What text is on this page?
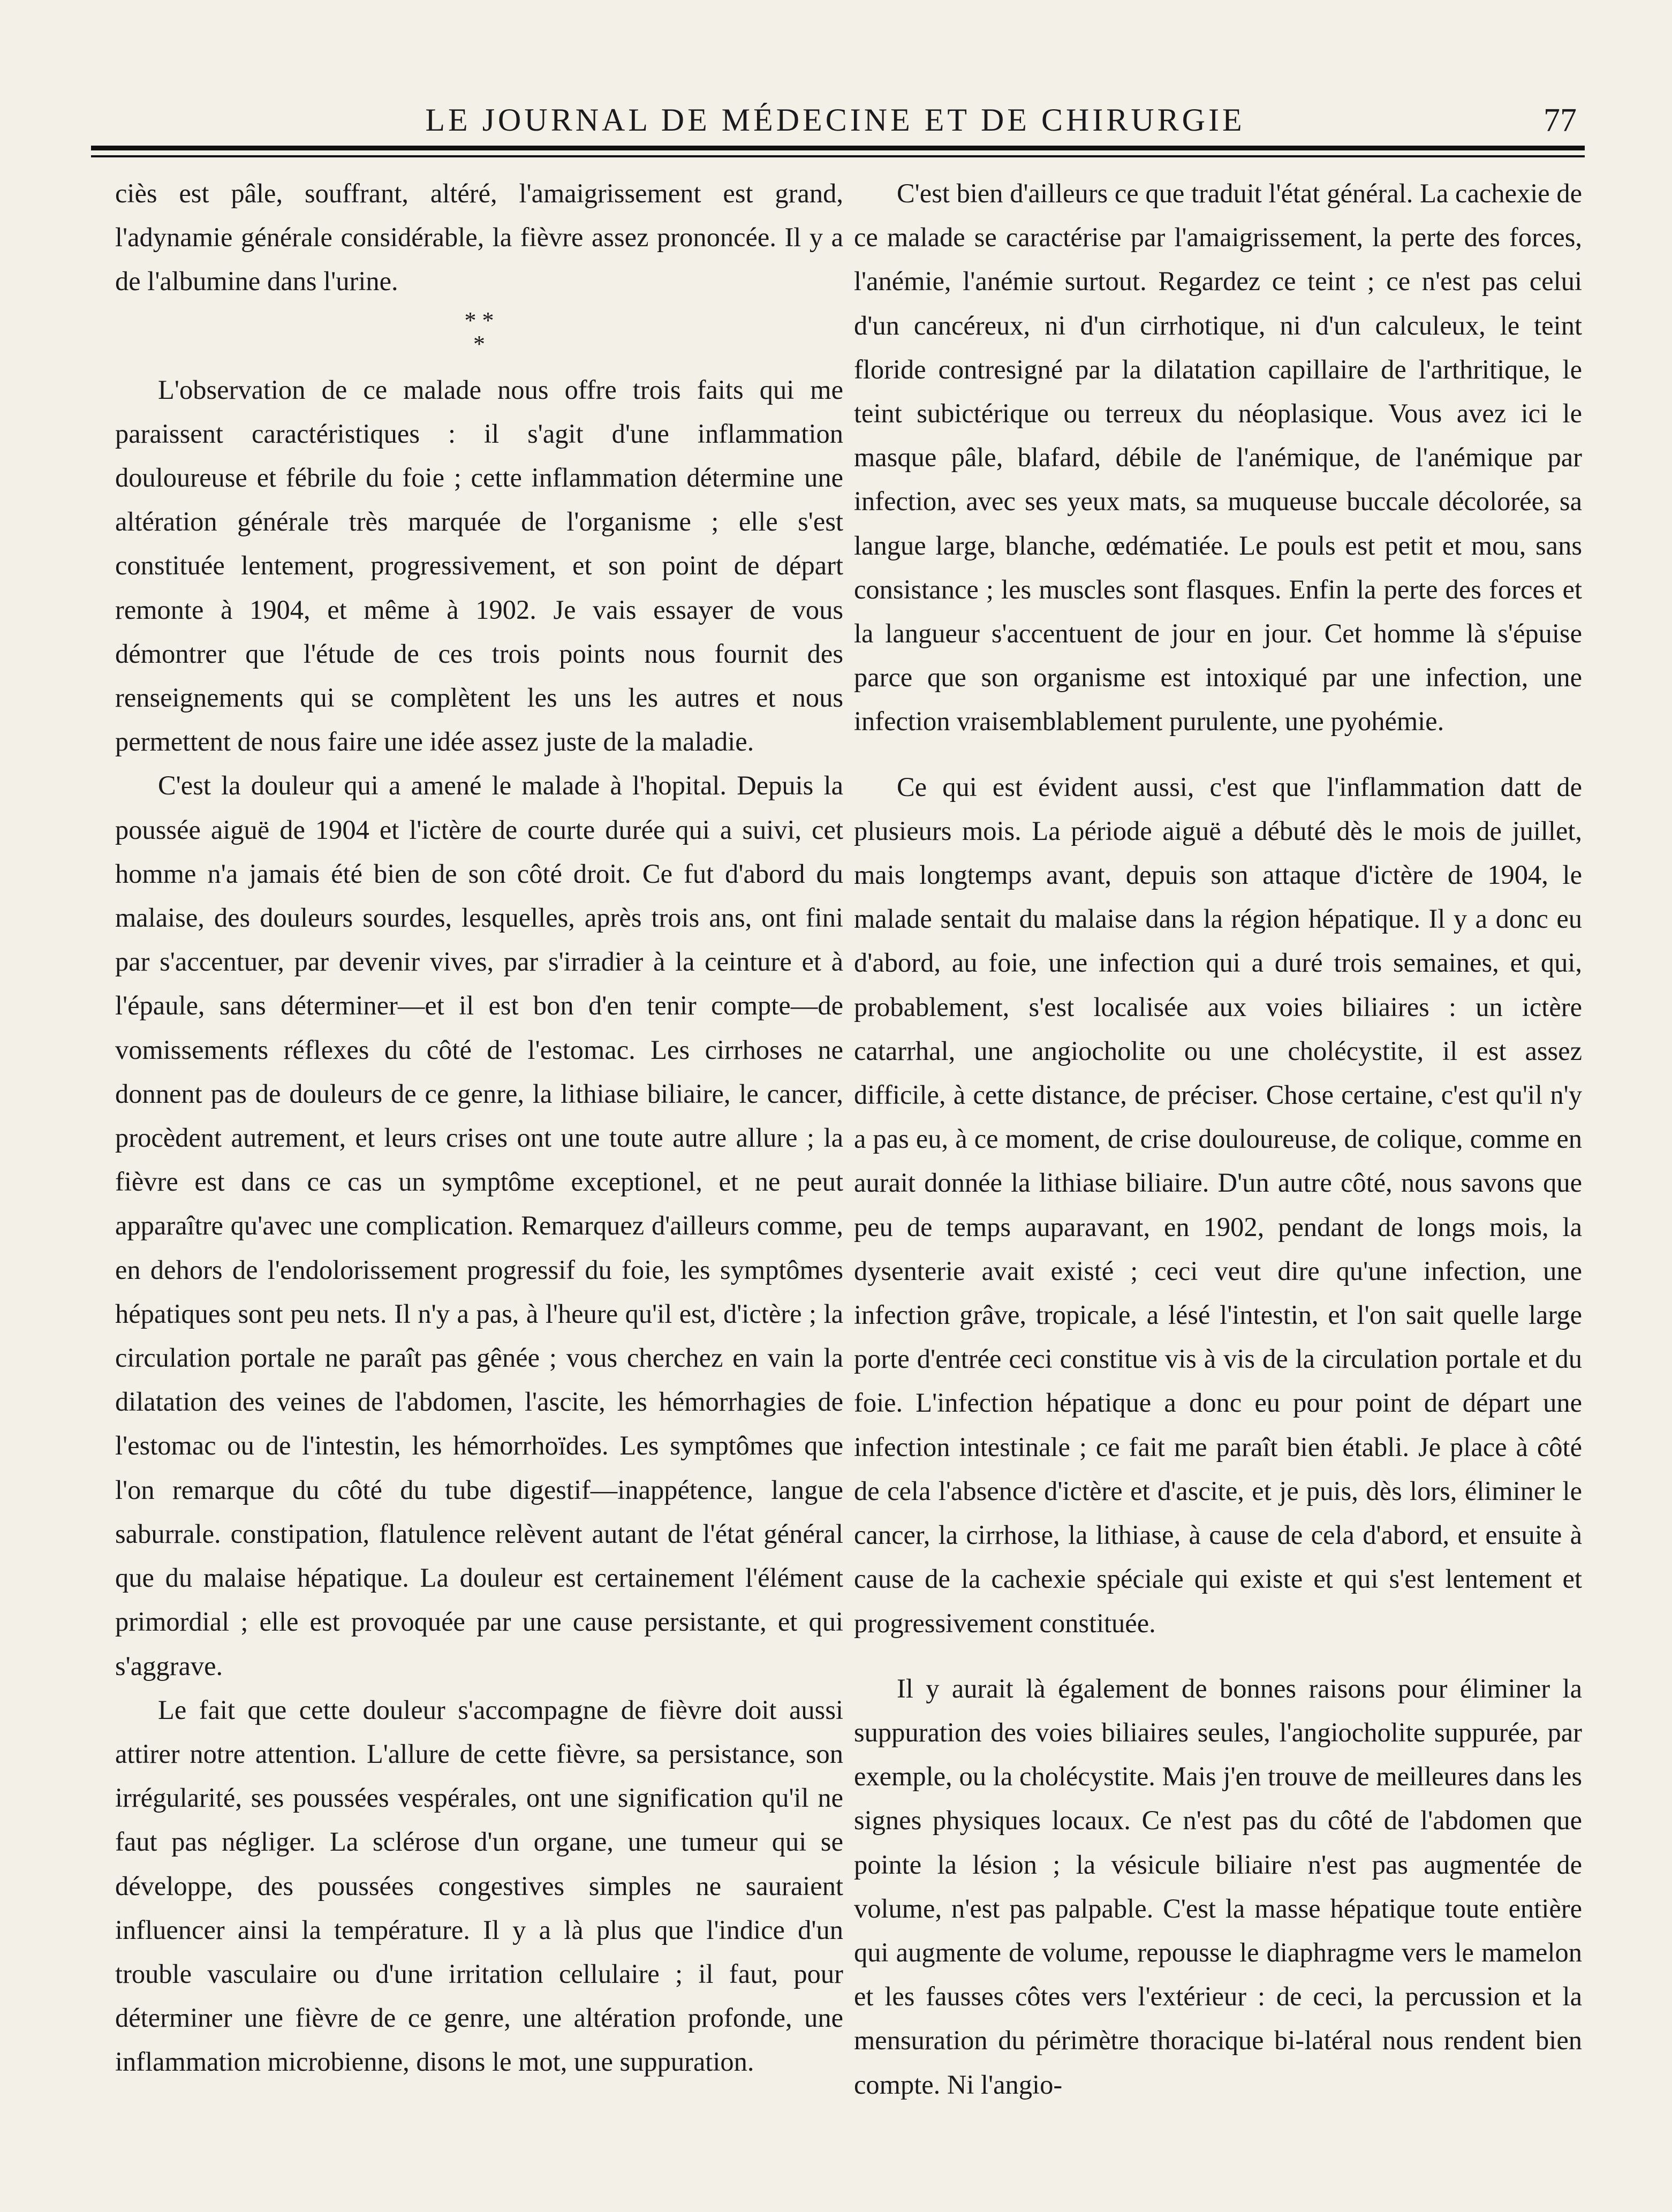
LE JOURNAL DE MÉDECINE ET DE CHIRURGIE	77

ciès est pâle, souffrant, altéré, l'amaigrissement est grand, l'adynamie générale considérable, la fièvre assez prononcée. Il y a de l'albumine dans l'urine.

* *
*

L'observation de ce malade nous offre trois faits qui me paraissent caractéristiques : il s'agit d'une inflammation douloureuse et fébrile du foie ; cette inflammation détermine une altération générale très marquée de l'organisme ; elle s'est constituée lentement, progressivement, et son point de départ remonte à 1904, et même à 1902. Je vais essayer de vous démontrer que l'étude de ces trois points nous fournit des renseignements qui se complètent les uns les autres et nous permettent de nous faire une idée assez juste de la maladie.

C'est la douleur qui a amené le malade à l'hopital. Depuis la poussée aiguë de 1904 et l'ictère de courte durée qui a suivi, cet homme n'a jamais été bien de son côté droit. Ce fut d'abord du malaise, des douleurs sourdes, lesquelles, après trois ans, ont fini par s'accentuer, par devenir vives, par s'irradier à la ceinture et à l'épaule, sans déterminer—et il est bon d'en tenir compte—de vomissements réflexes du côté de l'estomac. Les cirrhoses ne donnent pas de douleurs de ce genre, la lithiase biliaire, le cancer, procèdent autrement, et leurs crises ont une toute autre allure ; la fièvre est dans ce cas un symptôme exceptionel, et ne peut apparaître qu'avec une complication. Remarquez d'ailleurs comme, en dehors de l'endolorissement progressif du foie, les symptômes hépatiques sont peu nets. Il n'y a pas, à l'heure qu'il est, d'ictère ; la circulation portale ne paraît pas gênée ; vous cherchez en vain la dilatation des veines de l'abdomen, l'ascite, les hémorrhagies de l'estomac ou de l'intestin, les hémorrhoïdes. Les symptômes que l'on remarque du côté du tube digestif—inappétence, langue saburrale. constipation, flatulence relèvent autant de l'état général que du malaise hépatique. La douleur est certainement l'élément primordial ; elle est provoquée par une cause persistante, et qui s'aggrave.

Le fait que cette douleur s'accompagne de fièvre doit aussi attirer notre attention. L'allure de cette fièvre, sa persistance, son irrégularité, ses poussées vespérales, ont une signification qu'il ne faut pas négliger. La sclérose d'un organe, une tumeur qui se développe, des poussées congestives simples ne sauraient influencer ainsi la température. Il y a là plus que l'indice d'un trouble vasculaire ou d'une irritation cellulaire ; il faut, pour déterminer une fièvre de ce genre, une altération profonde, une inflammation microbienne, disons le mot, une suppuration.

C'est bien d'ailleurs ce que traduit l'état général. La cachexie de ce malade se caractérise par l'amaigrissement, la perte des forces, l'anémie, l'anémie surtout. Regardez ce teint ; ce n'est pas celui d'un cancéreux, ni d'un cirrhotique, ni d'un calculeux, le teint floride contresigné par la dilatation capillaire de l'arthritique, le teint subictérique ou terreux du néoplasique. Vous avez ici le masque pâle, blafard, débile de l'anémique, de l'anémique par infection, avec ses yeux mats, sa muqueuse buccale décolorée, sa langue large, blanche, œdématiée. Le pouls est petit et mou, sans consistance ; les muscles sont flasques. Enfin la perte des forces et la langueur s'accentuent de jour en jour. Cet homme là s'épuise parce que son organisme est intoxiqué par une infection, une infection vraisemblablement purulente, une pyohémie.

Ce qui est évident aussi, c'est que l'inflammation datt de plusieurs mois. La période aiguë a débuté dès le mois de juillet, mais longtemps avant, depuis son attaque d'ictère de 1904, le malade sentait du malaise dans la région hépatique. Il y a donc eu d'abord, au foie, une infection qui a duré trois semaines, et qui, probablement, s'est localisée aux voies biliaires : un ictère catarrhal, une angiocholite ou une cholécystite, il est assez difficile, à cette distance, de préciser. Chose certaine, c'est qu'il n'y a pas eu, à ce moment, de crise douloureuse, de colique, comme en aurait donnée la lithiase biliaire. D'un autre côté, nous savons que peu de temps auparavant, en 1902, pendant de longs mois, la dysenterie avait existé ; ceci veut dire qu'une infection, une infection grâve, tropicale, a lésé l'intestin, et l'on sait quelle large porte d'entrée ceci constitue vis à vis de la circulation portale et du foie. L'infection hépatique a donc eu pour point de départ une infection intestinale ; ce fait me paraît bien établi. Je place à côté de cela l'absence d'ictère et d'ascite, et je puis, dès lors, éliminer le cancer, la cirrhose, la lithiase, à cause de cela d'abord, et ensuite à cause de la cachexie spéciale qui existe et qui s'est lentement et progressivement constituée.

Il y aurait là également de bonnes raisons pour éliminer la suppuration des voies biliaires seules, l'angiocholite suppurée, par exemple, ou la cholécystite. Mais j'en trouve de meilleures dans les signes physiques locaux. Ce n'est pas du côté de l'abdomen que pointe la lésion ; la vésicule biliaire n'est pas augmentée de volume, n'est pas palpable. C'est la masse hépatique toute entière qui augmente de volume, repousse le diaphragme vers le mamelon et les fausses côtes vers l'extérieur : de ceci, la percussion et la mensuration du périmètre thoracique bi-latéral nous rendent bien compte. Ni l'angio-
